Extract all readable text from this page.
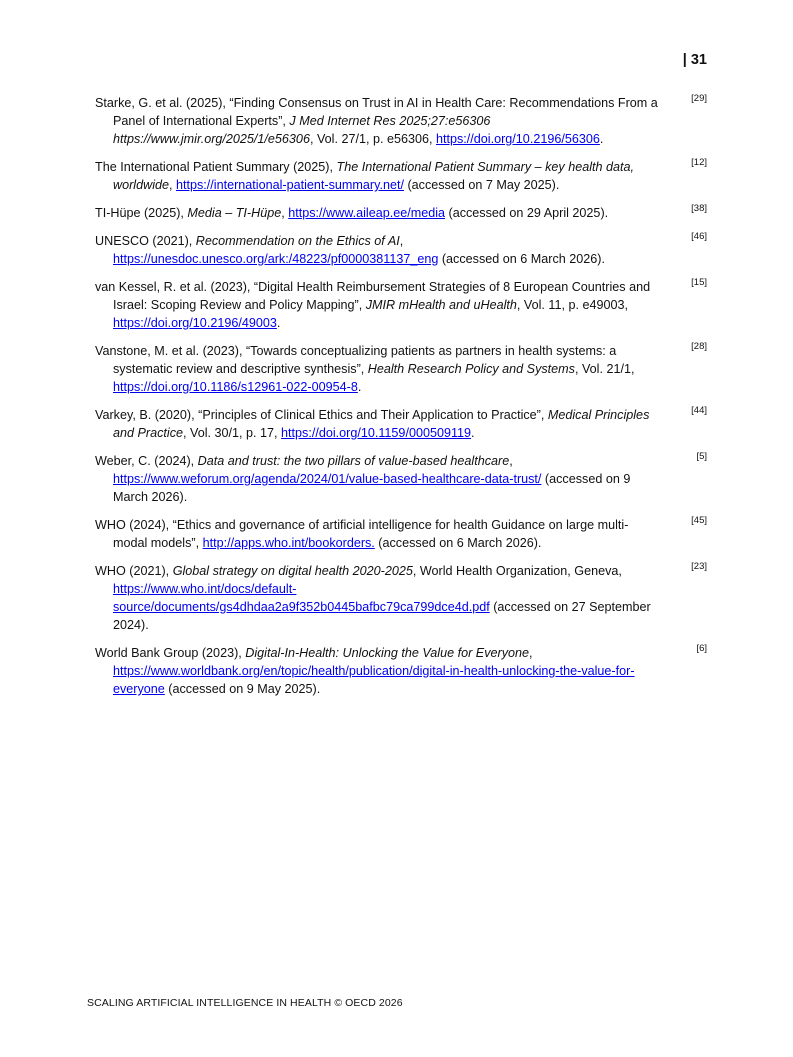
| 31
Starke, G. et al. (2025), “Finding Consensus on Trust in AI in Health Care: Recommendations From a Panel of International Experts”, J Med Internet Res 2025;27:e56306 https://www.jmir.org/2025/1/e56306, Vol. 27/1, p. e56306, https://doi.org/10.2196/56306.
[29]
The International Patient Summary (2025), The International Patient Summary – key health data, worldwide, https://international-patient-summary.net/ (accessed on 7 May 2025).
[12]
TI-Hüpe (2025), Media – TI-Hüpe, https://www.aileap.ee/media (accessed on 29 April 2025).	[38]
UNESCO (2021), Recommendation on the Ethics of AI, https://unesdoc.unesco.org/ark:/48223/pf0000381137_eng (accessed on 6 March 2026).
[46]
van Kessel, R. et al. (2023), “Digital Health Reimbursement Strategies of 8 European Countries and Israel: Scoping Review and Policy Mapping”, JMIR mHealth and uHealth, Vol. 11, p. e49003, https://doi.org/10.2196/49003.
[15]
Vanstone, M. et al. (2023), “Towards conceptualizing patients as partners in health systems: a systematic review and descriptive synthesis”, Health Research Policy and Systems, Vol. 21/1, https://doi.org/10.1186/s12961-022-00954-8.
[28]
Varkey, B. (2020), “Principles of Clinical Ethics and Their Application to Practice”, Medical Principles and Practice, Vol. 30/1, p. 17, https://doi.org/10.1159/000509119.
[44]
Weber, C. (2024), Data and trust: the two pillars of value-based healthcare, https://www.weforum.org/agenda/2024/01/value-based-healthcare-data-trust/ (accessed on 9 March 2026).
[5]
WHO (2024), “Ethics and governance of artificial intelligence for health Guidance on large multi-modal models”, http://apps.who.int/bookorders. (accessed on 6 March 2026).
[45]
WHO (2021), Global strategy on digital health 2020-2025, World Health Organization, Geneva, https://www.who.int/docs/default-source/documents/gs4dhdaa2a9f352b0445bafbc79ca799dce4d.pdf (accessed on 27 September 2024).
[23]
World Bank Group (2023), Digital-In-Health: Unlocking the Value for Everyone, https://www.worldbank.org/en/topic/health/publication/digital-in-health-unlocking-the-value-for-everyone (accessed on 9 May 2025).
[6]
SCALING ARTIFICIAL INTELLIGENCE IN HEALTH © OECD 2026
